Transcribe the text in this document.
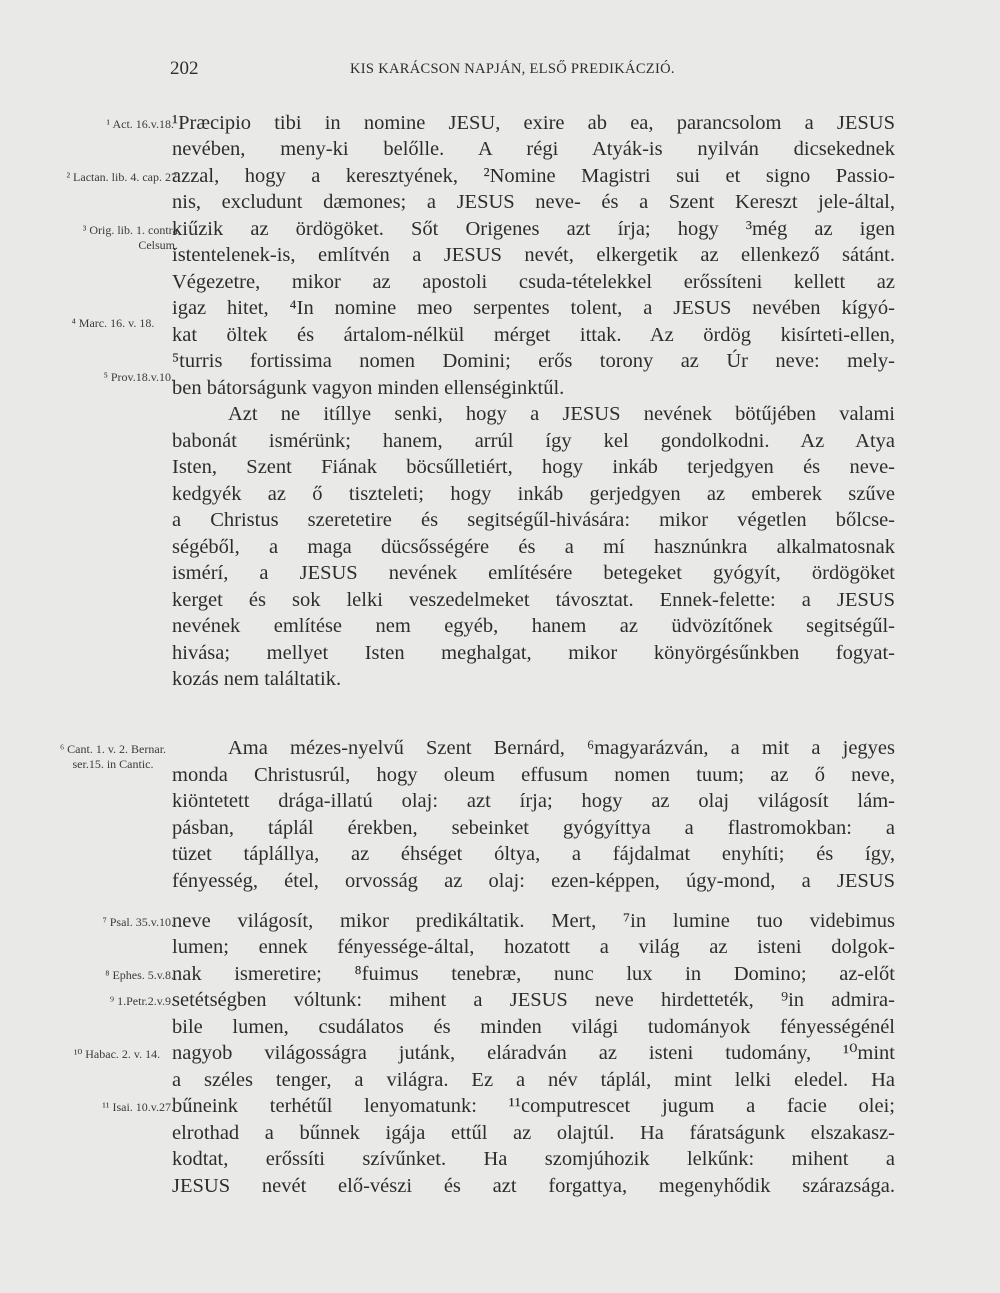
202	KIS KARÁCSON NAPJÁN, ELSŐ PREDIKÁCZIÓ.
¹ Act. 16.v.18.
² Lactan. lib. 4. cap. 27.
³ Orig. lib. 1. contra Celsum.
⁴ Marc. 16. v. 18.
⁵ Prov.18.v.10.
⁶ Cant. 1. v. 2. Bernar. ser.15. in Cantic.
⁷ Psal. 35.v.10.
⁸ Ephes. 5.v.8.
⁹ 1.Petr.2.v.9.
¹⁰ Habac. 2. v. 14.
¹¹ Isai. 10.v.27.
¹Præcipio tibi in nomine JESU, exire ab ea, parancsolom a JESUS
nevében, meny-ki belőlle. A régi Atyák-is nyilván dicsekednek
azzal, hogy a keresztyének, ²Nomine Magistri sui et signo Passio-
nis, excludunt dæmones; a JESUS neve- és a Szent Kereszt jele-által,
kiűzik az ördögöket. Sőt Origenes azt írja; hogy ³még az igen
istentelenek-is, említvén a JESUS nevét, elkergetik az ellenkező sátánt.
Végezetre, mikor az apostoli csuda-tételekkel erőssíteni kellett az
igaz hitet, ⁴In nomine meo serpentes tolent, a JESUS nevében kígyó-
kat öltek és ártalom-nélkül mérget ittak. Az ördög kisírteti-ellen,
⁵turris fortissima nomen Domini; erős torony az Úr neve: mely-
ben bátorságunk vagyon minden ellenséginktűl.
Azt ne itíllye senki, hogy a JESUS nevének bötűjében valami
babonát ismérünk; hanem, arrúl így kel gondolkodni. Az Atya
Isten, Szent Fiának böcsűlletiért, hogy inkáb terjedgyen és neve-
kedgyék az ő tiszteleti; hogy inkáb gerjedgyen az emberek szűve
a Christus szeretetire és segitségűl-hivására: mikor végetlen bőlcse-
ségéből, a maga dücsősségére és a mí hasznúnkra alkalmatosnak
ismérí, a JESUS nevének említésére betegeket gyógyít, ördögöket
kerget és sok lelki veszedelmeket távosztat. Ennek-felette: a JESUS
nevének említése nem egyéb, hanem az üdvözítőnek segitségűl-
hivása; mellyet Isten meghalgat, mikor könyörgésűnkben fogyat-
kozás nem találtatik.
Ama mézes-nyelvű Szent Bernárd, ⁶magyarázván, a mit a jegyes
monda Christusrúl, hogy oleum effusum nomen tuum; az ő neve,
kiöntetett drága-illatú olaj: azt írja; hogy az olaj világosít lám-
pásban, táplál érekben, sebeinket gyógyíttya a flastromokban: a
tüzet táplállya, az éhséget óltya, a fájdalmat enyhíti; és így,
fényesség, étel, orvosság az olaj: ezen-képpen, úgy-mond, a JESUS
neve világosít, mikor predikáltatik. Mert, ⁷in lumine tuo videbimus
lumen; ennek fényessége-által, hozatott a világ az isteni dolgok-
nak ismeretire; ⁸fuimus tenebræ, nunc lux in Domino; az-előt
setétségben vóltunk: mihent a JESUS neve hirdetteték, ⁹in admira-
bile lumen, csudálatos és minden világi tudományok fényességénél
nagyob világosságra jutánk, eláradván az isteni tudomány, ¹⁰mint
a széles tenger, a világra. Ez a név táplál, mint lelki eledel. Ha
bűneink terhétűl lenyomatunk: ¹¹computrescet jugum a facie olei;
elrothad a bűnnek igája ettűl az olajtúl. Ha fáratságunk elszakasz-
kodtat, erőssíti szívűnket. Ha szomjúhozik lelkűnk: mihent a
JESUS nevét elő-vészi és azt forgattya, megenyhődik szárazsága.
